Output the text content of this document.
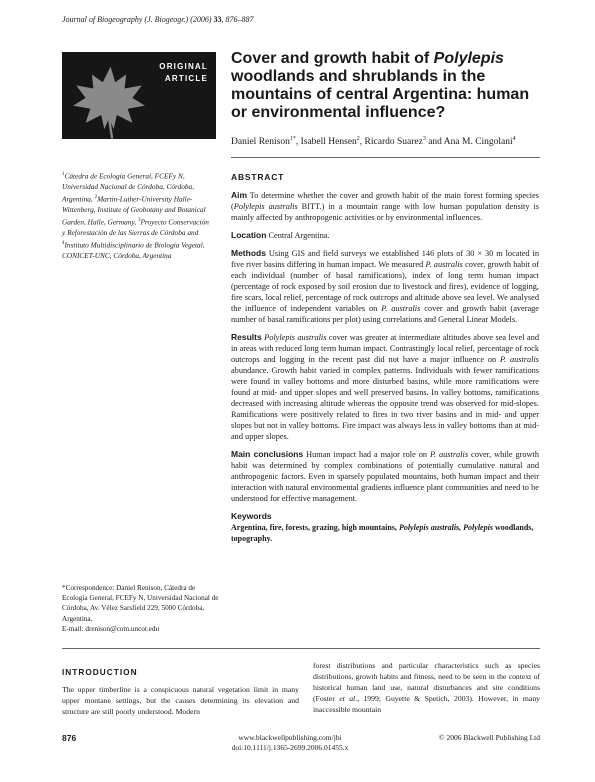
Journal of Biogeography (J. Biogeogr.) (2006) 33, 876–887
ORIGINAL
ARTICLE
Cover and growth habit of Polylepis woodlands and shrublands in the mountains of central Argentina: human or environmental influence?
Daniel Renison$^{1*}$, Isabell Hensen$^2$, Ricardo Suarez$^3$ and Ana M. Cingolani$^4$
$^1$Cátedra de Ecología General, FCEFy N, Universidad Nacional de Córdoba, Córdoba, Argentina, $^2$Martin-Luther-University Halle-Wittenberg, Institute of Geobotany and Botanical Garden, Halle, Germany, $^3$Proyecto Conservación y Reforestación de las Sierras de Córdoba and $^4$Instituto Multidisciplinario de Biología Vegetal, CONICET-UNC, Córdoba, Argentina
*Correspondence: Daniel Renison, Cátedra de Ecología General, FCEFy N, Universidad Nacional de Córdoba, Av. Vélez Sarsfield 229, 5000 Córdoba, Argentina.
E-mail: drenison@com.uncor.edu
ABSTRACT

Aim To determine whether the cover and growth habit of the main forest forming species (Polylepis australis BITT.) in a mountain range with low human population density is mainly affected by anthropogenic activities or by environmental influences.

Location Central Argentina.

Methods Using GIS and field surveys we established 146 plots of 30 × 30 m located in five river basins differing in human impact. We measured P. australis cover, growth habit of each individual (number of basal ramifications), index of long term human impact (percentage of rock exposed by soil erosion due to livestock and fires), evidence of logging, fire scars, local relief, percentage of rock outcrops and altitude above sea level. We analysed the influence of independent variables on P. australis cover and growth habit (average number of basal ramifications per plot) using correlations and General Linear Models.

Results Polylepis australis cover was greater at intermediate altitudes above sea level and in areas with reduced long term human impact. Contrastingly local relief, percentage of rock outcrops and logging in the recent past did not have a major influence on P. australis abundance. Growth habit varied in complex patterns. Individuals with fewer ramifications were found in valley bottoms and more disturbed basins, while more ramifications were found at mid- and upper slopes and well preserved basins. In valley bottoms, ramifications decreased with increasing altitude whereas the opposite trend was observed for mid-slopes. Ramifications were positively related to fires in two river basins and in mid- and upper slopes but not in valley bottoms. Fire impact was always less in valley bottoms than at mid- and upper slopes.

Main conclusions Human impact had a major role on P. australis cover, while growth habit was determined by complex combinations of potentially cumulative natural and anthropogenic factors. Even in sparsely populated mountains, both human impact and their interaction with natural environmental gradients influence plant communities and need to be understood for effective management.

Keywords

Argentina, fire, forests, grazing, high mountains, Polylepis australis, Polylepis woodlands, topography.

INTRODUCTION

The upper timberline is a conspicuous natural vegetation limit in many upper montane settings, but the causes determining its elevation and structure are still poorly understood. Modern

forest distributions and particular characteristics such as species distributions, growth habits and fitness, need to be seen in the context of historical human land use, natural disturbances and site conditions (Foster et al., 1999; Guyette & Spetich, 2003). However, in many inaccessible mountain

876	www.blackwellpublishing.com/jbi
doi:10.1111/j.1365-2699.2006.01455.x
© 2006 Blackwell Publishing Ltd
